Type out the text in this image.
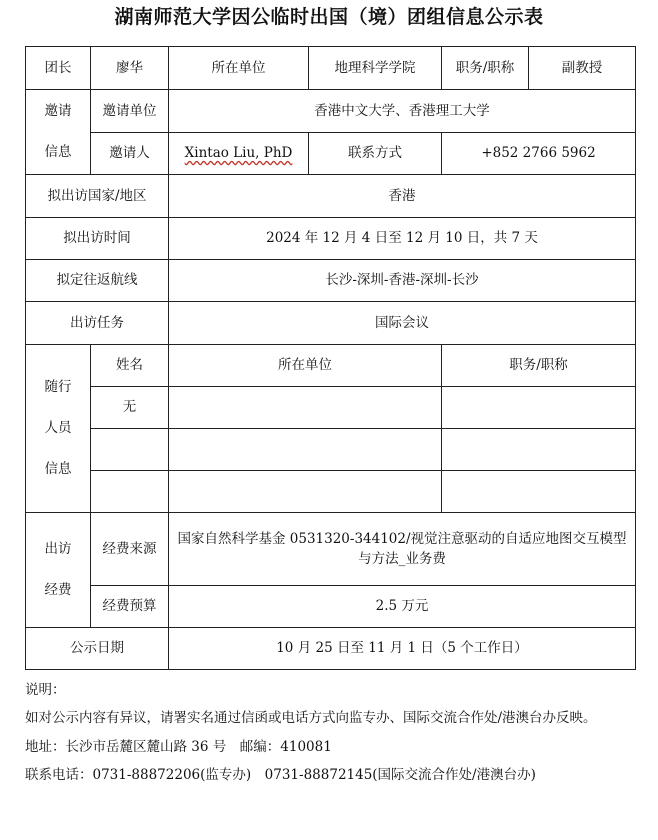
湖南师范大学因公临时出国（境）团组信息公示表
团长	廖华	所在单位	地理科学学院	职务/职称	副教授

邀请
信息	邀请单位	香港中文大学、香港理工大学			
	邀请人	Xintao Liu, PhD	联系方式	+852 2766 5962	
拟出访国家/地区		香港			
拟出访时间		2024 年 12 月 4 日至 12 月 10 日，共 7 天			
拟定往返航线		长沙-深圳-香港-深圳-长沙			
出访任务		国际会议			

随行
人员
信息	姓名	所在单位		职务/职称	
	无				

出访
经费	经费来源	国家自然科学基金 0531320-344102/视觉注意驱动的自适应地图交互模型与方法_业务费			
	经费预算	2.5 万元			
公示日期		10 月 25 日至 11 月 1 日（5 个工作日）			
说明：
如对公示内容有异议，请署实名通过信函或电话方式向监专办、国际交流合作处/港澳台办反映。
地址：长沙市岳麓区麓山路 36 号　邮编：410081
联系电话：0731-88872206(监专办)　0731-88872145(国际交流合作处/港澳台办)
